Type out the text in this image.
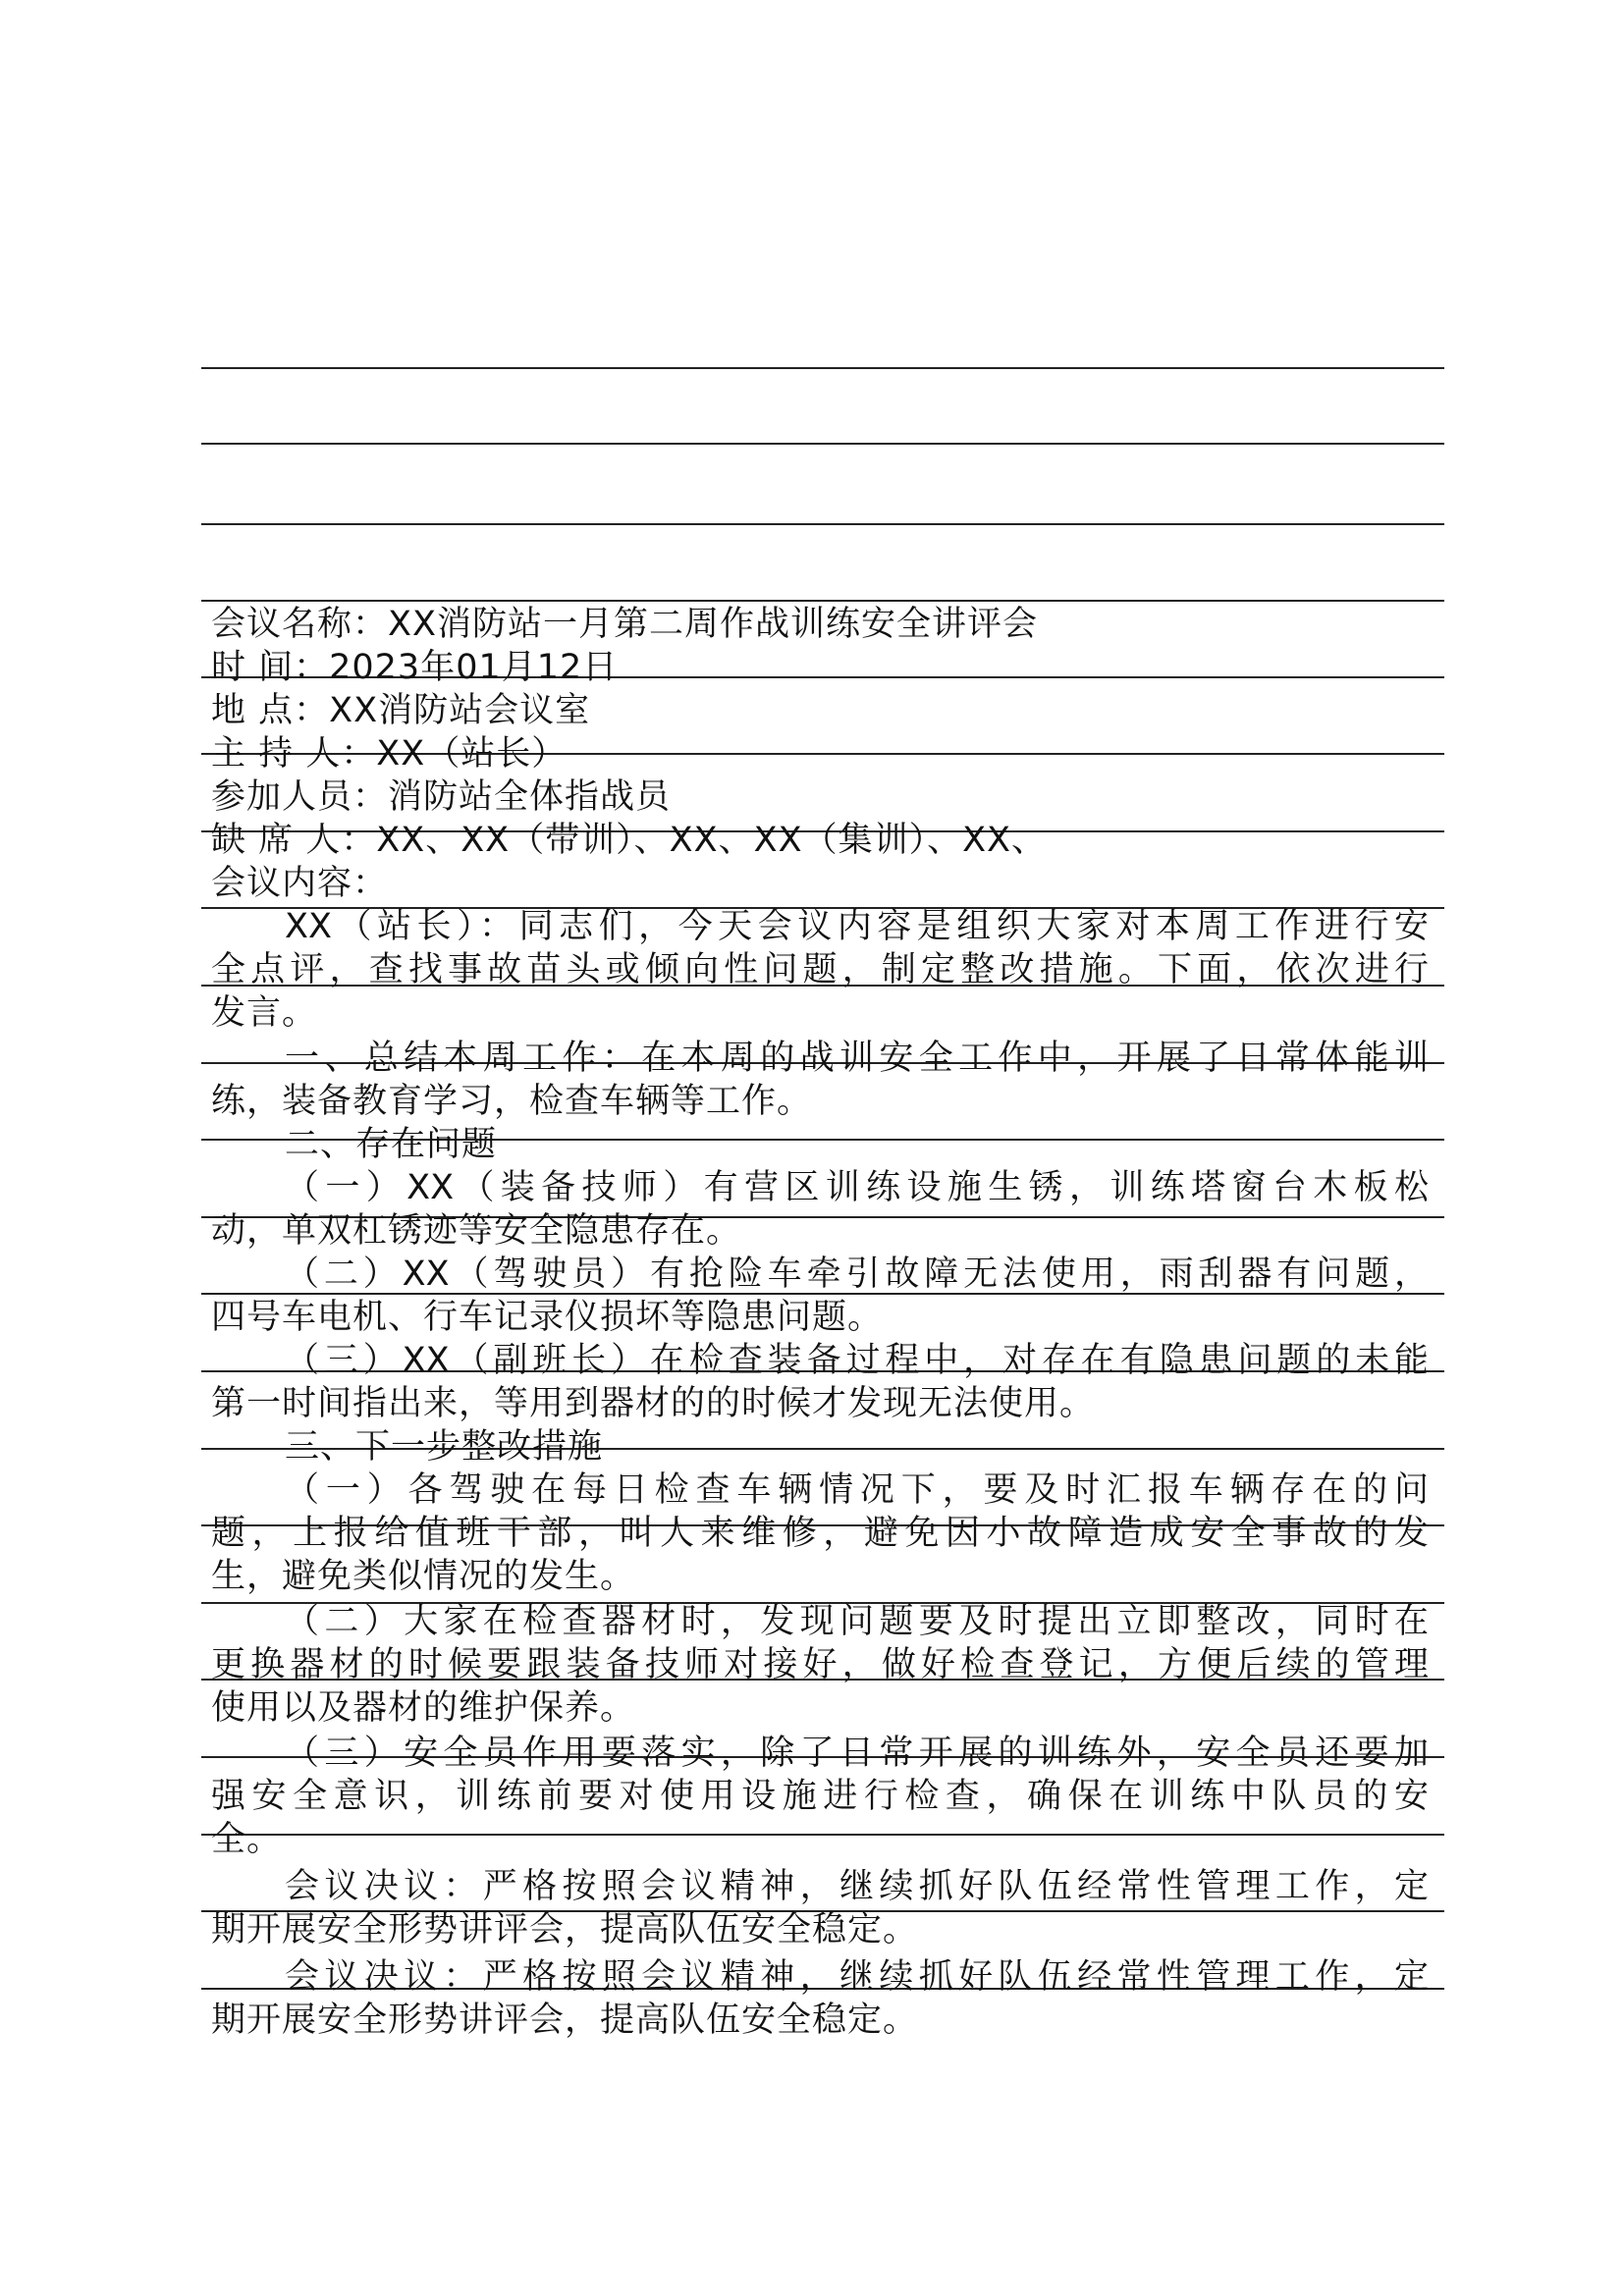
会议名称：XX消防站一月第二周作战训练安全讲评会
时 间：2023年01月12日
地 点：XX消防站会议室
主 持 人：XX（站长）
参加人员：消防站全体指战员
缺 席 人：XX、XX（带训）、XX、XX（集训）、XX、
会议内容：
XX（站长）：同志们，今天会议内容是组织大家对本周工作进行安
全点评，查找事故苗头或倾向性问题，制定整改措施。下面，依次进行
发言。
一、总结本周工作：在本周的战训安全工作中，开展了日常体能训
练，装备教育学习，检查车辆等工作。
二、存在问题
（一）XX（装备技师）有营区训练设施生锈，训练塔窗台木板松
动，单双杠锈迹等安全隐患存在。
（二）XX（驾驶员）有抢险车牵引故障无法使用，雨刮器有问题，
四号车电机、行车记录仪损坏等隐患问题。
（三）XX（副班长）在检查装备过程中，对存在有隐患问题的未能
第一时间指出来，等用到器材的的时候才发现无法使用。
三、下一步整改措施
（一）各驾驶在每日检查车辆情况下，要及时汇报车辆存在的问
题，上报给值班干部，叫人来维修，避免因小故障造成安全事故的发
生，避免类似情况的发生。
（二）大家在检查器材时，发现问题要及时提出立即整改，同时在
更换器材的时候要跟装备技师对接好，做好检查登记，方便后续的管理
使用以及器材的维护保养。
（三）安全员作用要落实，除了日常开展的训练外，安全员还要加
强安全意识，训练前要对使用设施进行检查，确保在训练中队员的安
全。
会议决议：严格按照会议精神，继续抓好队伍经常性管理工作，定
期开展安全形势讲评会，提高队伍安全稳定。
会议决议：严格按照会议精神，继续抓好队伍经常性管理工作，定
期开展安全形势讲评会，提高队伍安全稳定。
